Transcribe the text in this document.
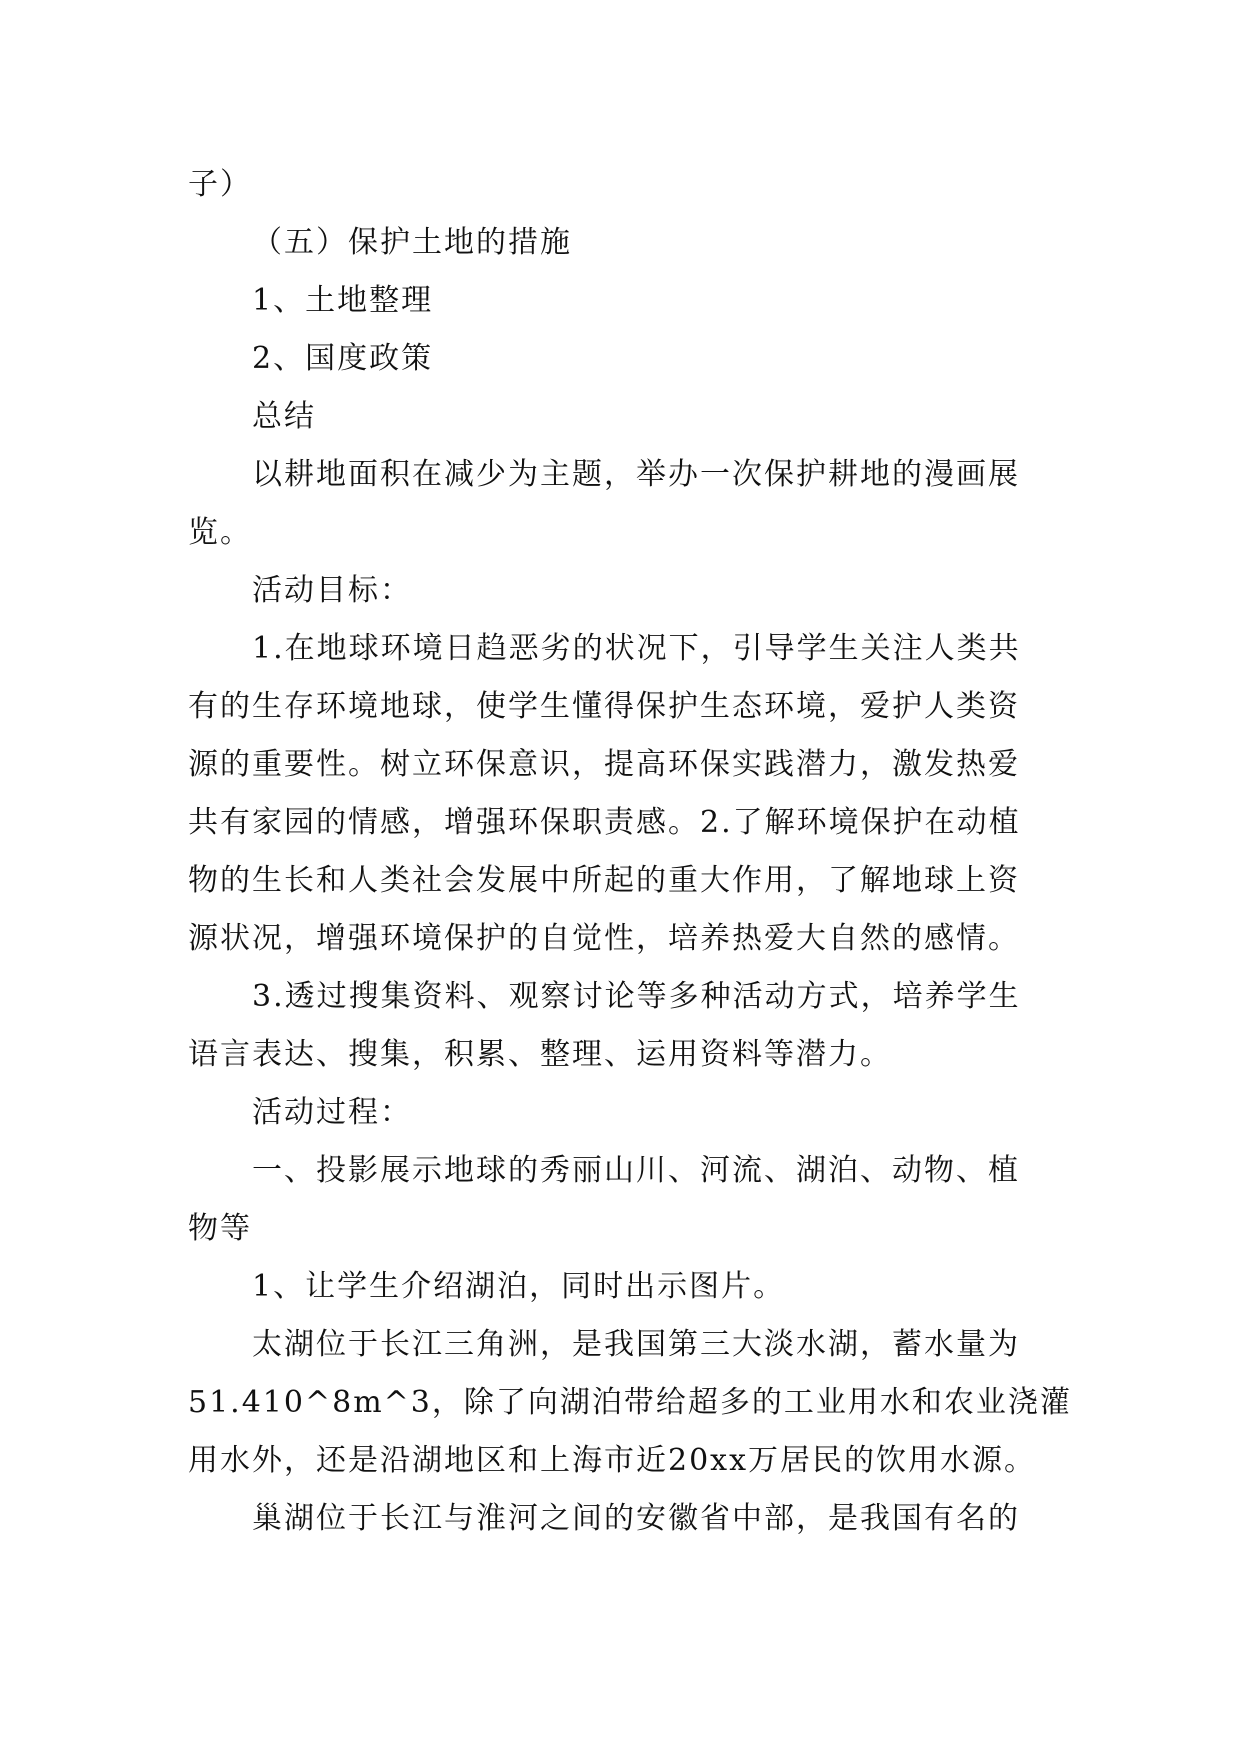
子）
（五）保护土地的措施
1、土地整理
2、国度政策
总结
以耕地面积在减少为主题，举办一次保护耕地的漫画展
览。
活动目标：
1.在地球环境日趋恶劣的状况下，引导学生关注人类共
有的生存环境地球，使学生懂得保护生态环境，爱护人类资
源的重要性。树立环保意识，提高环保实践潜力，激发热爱
共有家园的情感，增强环保职责感。2.了解环境保护在动植
物的生长和人类社会发展中所起的重大作用，了解地球上资
源状况，增强环境保护的自觉性，培养热爱大自然的感情。
3.透过搜集资料、观察讨论等多种活动方式，培养学生
语言表达、搜集，积累、整理、运用资料等潜力。
活动过程：
一、投影展示地球的秀丽山川、河流、湖泊、动物、植
物等
1、让学生介绍湖泊，同时出示图片。
太湖位于长江三角洲，是我国第三大淡水湖，蓄水量为
51.410^8m^3，除了向湖泊带给超多的工业用水和农业浇灌
用水外，还是沿湖地区和上海市近20xx万居民的饮用水源。
巢湖位于长江与淮河之间的安徽省中部，是我国有名的
